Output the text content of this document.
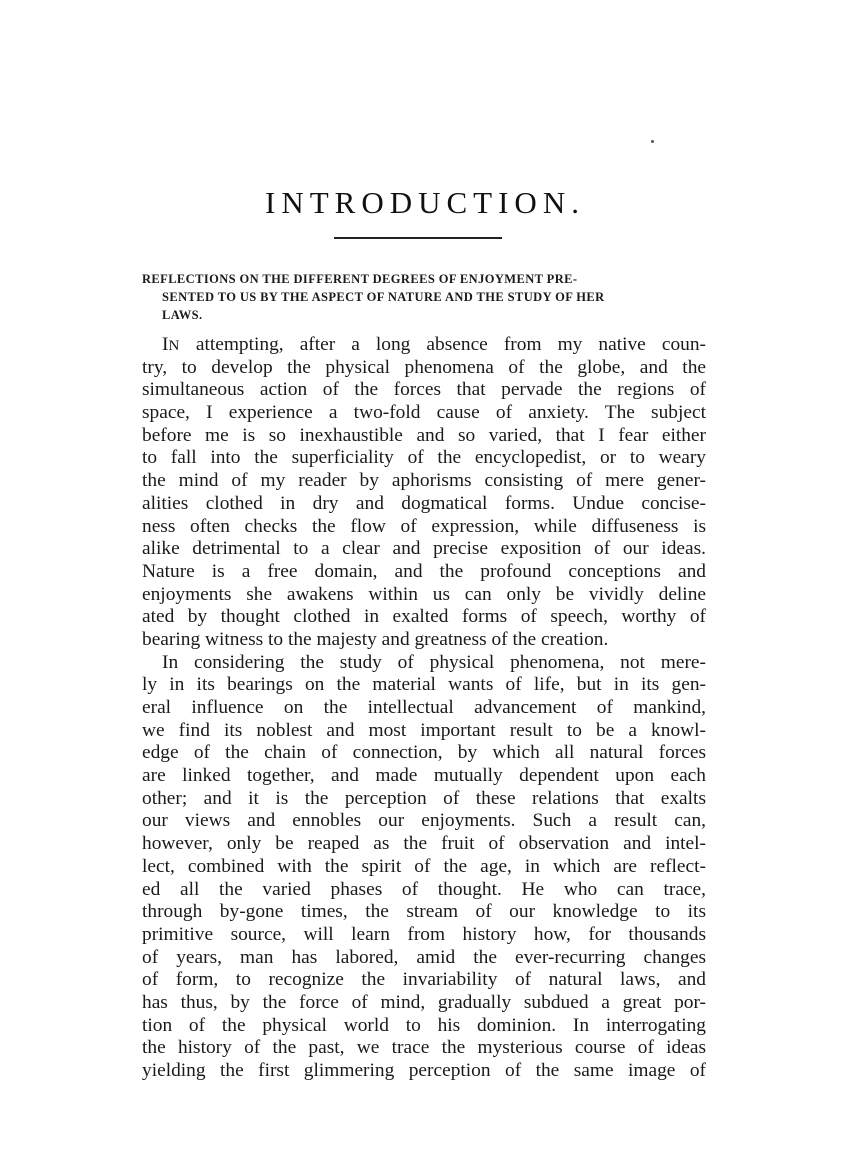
INTRODUCTION.

REFLECTIONS ON THE DIFFERENT DEGREES OF ENJOYMENT PRE-
SENTED TO US BY THE ASPECT OF NATURE AND THE STUDY OF HER
LAWS.

IN attempting, after a long absence from my native coun-
try, to develop the physical phenomena of the globe, and the
simultaneous action of the forces that pervade the regions of
space, I experience a two-fold cause of anxiety. The subject
before me is so inexhaustible and so varied, that I fear either
to fall into the superficiality of the encyclopedist, or to weary
the mind of my reader by aphorisms consisting of mere gener-
alities clothed in dry and dogmatical forms. Undue concise-
ness often checks the flow of expression, while diffuseness is
alike detrimental to a clear and precise exposition of our ideas.
Nature is a free domain, and the profound conceptions and
enjoyments she awakens within us can only be vividly deline
ated by thought clothed in exalted forms of speech, worthy of
bearing witness to the majesty and greatness of the creation.
In considering the study of physical phenomena, not mere-
ly in its bearings on the material wants of life, but in its gen-
eral influence on the intellectual advancement of mankind,
we find its noblest and most important result to be a knowl-
edge of the chain of connection, by which all natural forces
are linked together, and made mutually dependent upon each
other; and it is the perception of these relations that exalts
our views and ennobles our enjoyments. Such a result can,
however, only be reaped as the fruit of observation and intel-
lect, combined with the spirit of the age, in which are reflect-
ed all the varied phases of thought. He who can trace,
through by-gone times, the stream of our knowledge to its
primitive source, will learn from history how, for thousands
of years, man has labored, amid the ever-recurring changes
of form, to recognize the invariability of natural laws, and
has thus, by the force of mind, gradually subdued a great por-
tion of the physical world to his dominion. In interrogating
the history of the past, we trace the mysterious course of ideas
yielding the first glimmering perception of the same image of
